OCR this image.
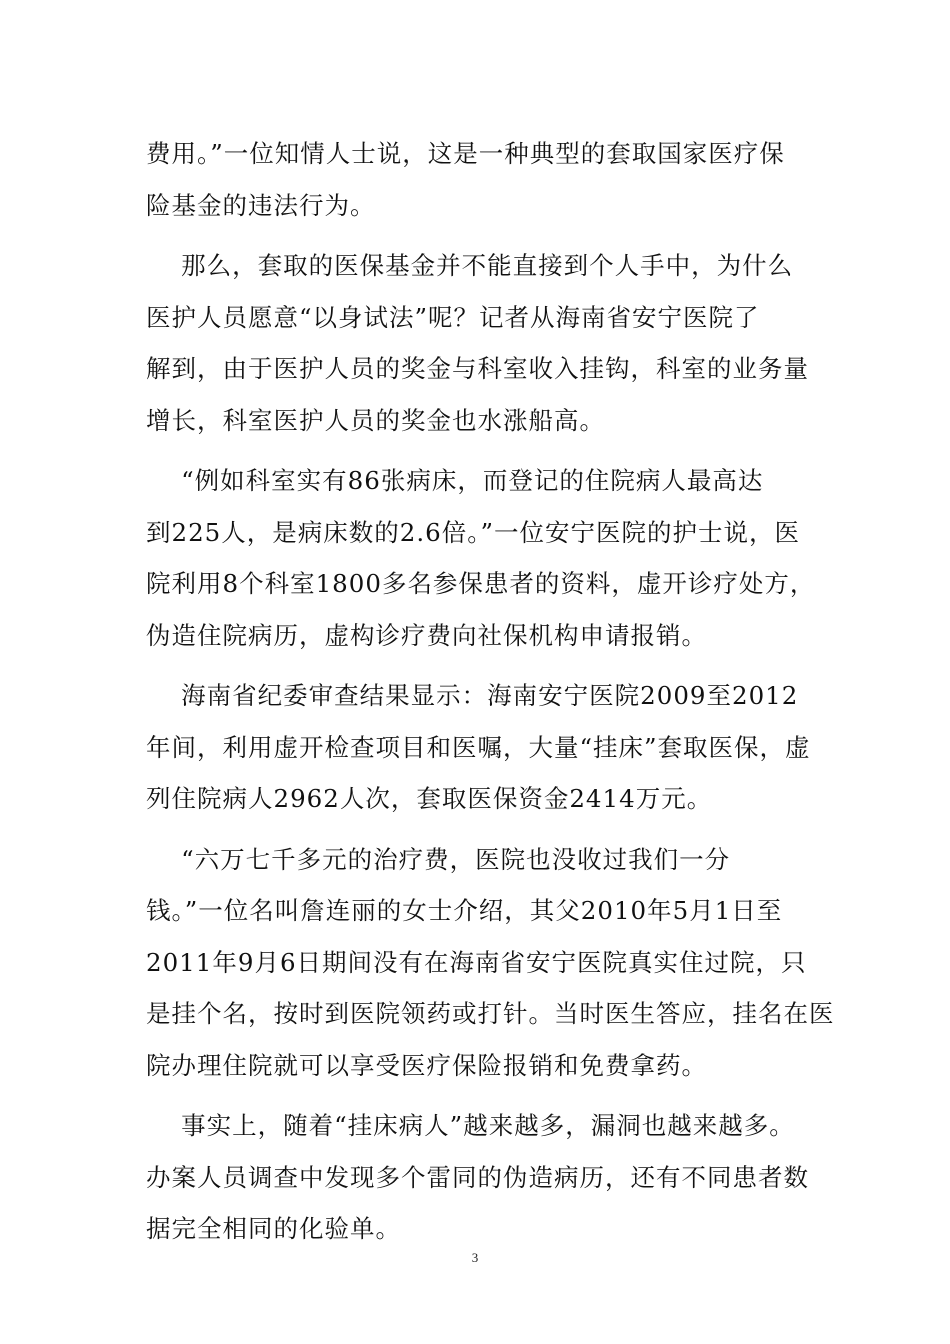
费用。”一位知情人士说，这是一种典型的套取国家医疗保
险基金的违法行为。

那么，套取的医保基金并不能直接到个人手中，为什么
医护人员愿意“以身试法”呢？记者从海南省安宁医院了
解到，由于医护人员的奖金与科室收入挂钩，科室的业务量
增长，科室医护人员的奖金也水涨船高。

“例如科室实有86张病床，而登记的住院病人最高达
到225人，是病床数的2.6倍。”一位安宁医院的护士说，医
院利用8个科室1800多名参保患者的资料，虚开诊疗处方，
伪造住院病历，虚构诊疗费向社保机构申请报销。

海南省纪委审查结果显示：海南安宁医院2009至2012
年间，利用虚开检查项目和医嘱，大量“挂床”套取医保，虚
列住院病人2962人次，套取医保资金2414万元。

“六万七千多元的治疗费，医院也没收过我们一分
钱。”一位名叫詹连丽的女士介绍，其父2010年5月1日至
2011年9月6日期间没有在海南省安宁医院真实住过院，只
是挂个名，按时到医院领药或打针。当时医生答应，挂名在医
院办理住院就可以享受医疗保险报销和免费拿药。

事实上，随着“挂床病人”越来越多，漏洞也越来越多。
办案人员调查中发现多个雷同的伪造病历，还有不同患者数
据完全相同的化验单。

3
